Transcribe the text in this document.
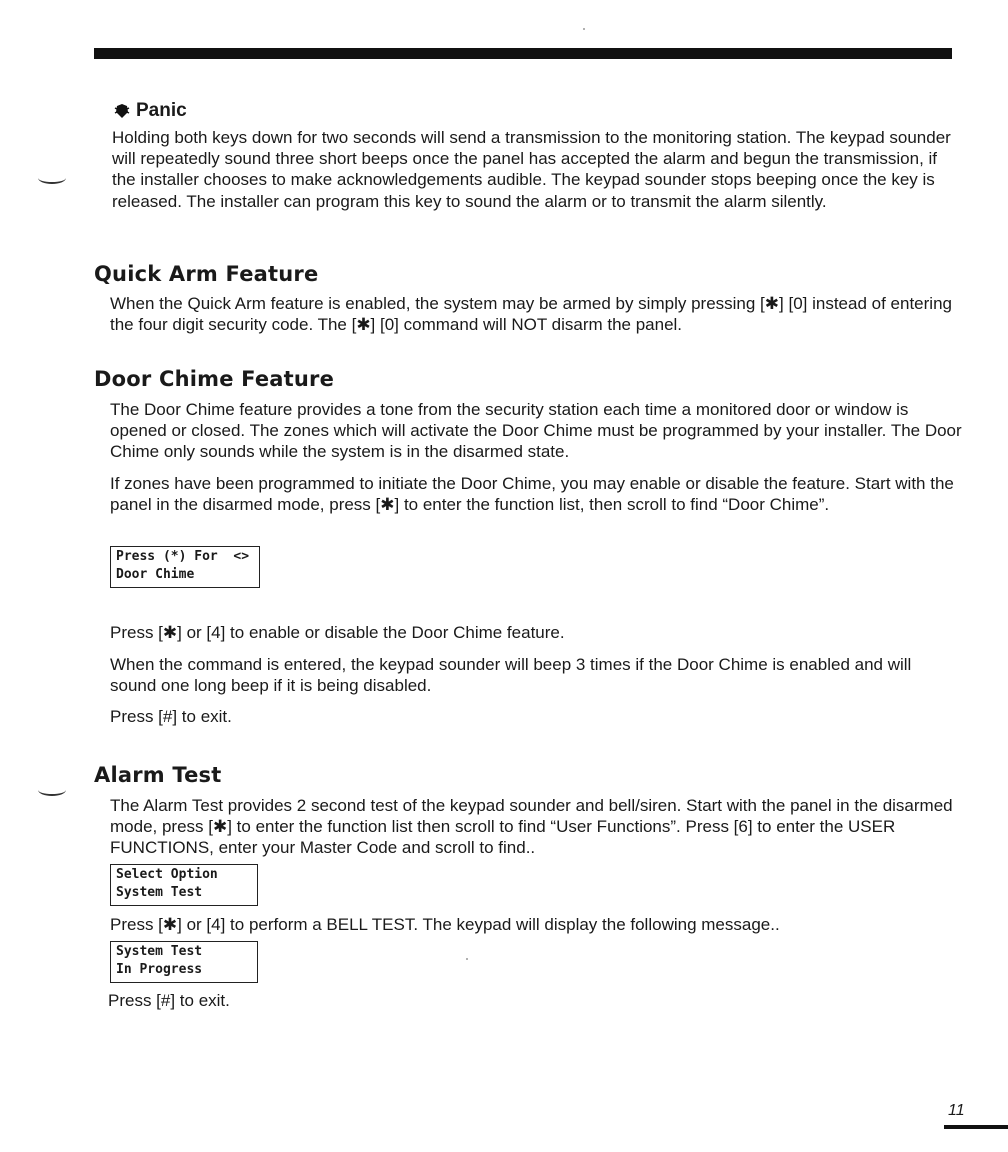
Panic

Holding both keys down for two seconds will send a transmission to the monitoring station. The keypad sounder will repeatedly sound three short beeps once the panel has accepted the alarm and begun the transmission, if the installer chooses to make acknowledgements audible. The keypad sounder stops beeping once the key is released. The installer can program this key to sound the alarm or to transmit the alarm silently.

Quick Arm Feature

When the Quick Arm feature is enabled, the system may be armed by simply pressing [✱] [0] instead of entering the four digit security code. The [✱] [0] command will NOT disarm the panel.

Door Chime Feature

The Door Chime feature provides a tone from the security station each time a monitored door or window is opened or closed. The zones which will activate the Door Chime must be programmed by your installer. The Door Chime only sounds while the system is in the disarmed state.

If zones have been programmed to initiate the Door Chime, you may enable or disable the feature. Start with the panel in the disarmed mode, press [✱] to enter the function list, then scroll to find “Door Chime”.

Press (*) For  <>
Door Chime

Press [✱] or [4] to enable or disable the Door Chime feature.

When the command is entered, the keypad sounder will beep 3 times if the Door Chime is enabled and will sound one long beep if it is being disabled.

Press [#] to exit.

Alarm Test

The Alarm Test provides 2 second test of the keypad sounder and bell/siren. Start with the panel in the disarmed mode, press [✱] to enter the function list then scroll to find “User Functions”. Press [6] to enter the USER FUNCTIONS, enter your Master Code and scroll to find..

Select Option
System Test

Press [✱] or [4] to perform a BELL TEST. The keypad will display the following message..

System Test
In Progress

Press [#] to exit.

11
